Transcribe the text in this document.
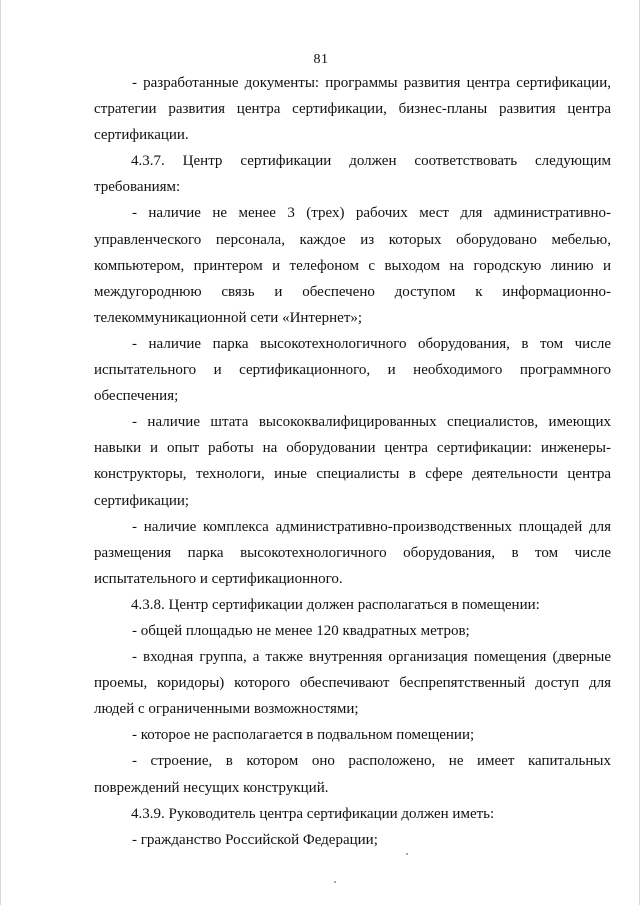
81

- разработанные документы: программы развития центра сертификации, стратегии развития центра сертификации, бизнес-планы развития центра сертификации.

4.3.7. Центр сертификации должен соответствовать следующим требованиям:

- наличие не менее 3 (трех) рабочих мест для административно-управленческого персонала, каждое из которых оборудовано мебелью, компьютером, принтером и телефоном с выходом на городскую линию и междугороднюю связь и обеспечено доступом к информационно-телекоммуникационной сети «Интернет»;

- наличие парка высокотехнологичного оборудования, в том числе испытательного и сертификационного, и необходимого программного обеспечения;

- наличие штата высококвалифицированных специалистов, имеющих навыки и опыт работы на оборудовании центра сертификации: инженеры-конструкторы, технологи, иные специалисты в сфере деятельности центра сертификации;

- наличие комплекса административно-производственных площадей для размещения парка высокотехнологичного оборудования, в том числе испытательного и сертификационного.

4.3.8. Центр сертификации должен располагаться в помещении:

- общей площадью не менее 120 квадратных метров;

- входная группа, а также внутренняя организация помещения (дверные проемы, коридоры) которого обеспечивают беспрепятственный доступ для людей с ограниченными возможностями;

- которое не располагается в подвальном помещении;

- строение, в котором оно расположено, не имеет капитальных повреждений несущих конструкций.

4.3.9. Руководитель центра сертификации должен иметь:

- гражданство Российской Федерации;
